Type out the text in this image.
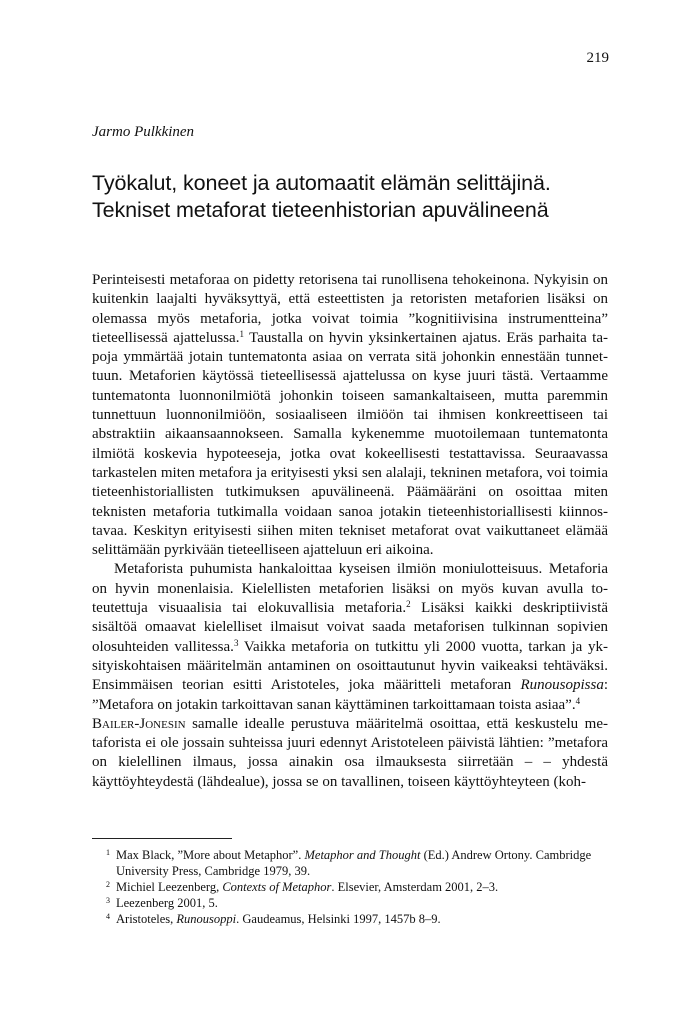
219
Jarmo Pulkkinen
Työkalut, koneet ja automaatit elämän selittäjinä.
Tekniset metaforat tieteenhistorian apuvälineenä

Perinteisesti metaforaa on pidetty retorisena tai runollisena tehokeinona. Nykyisin on kuitenkin laajalti hyväksyttyä, että esteettisten ja retoristen metaforien lisäksi on olemassa myös metaforia, jotka voivat toimia ”kognitiivisina instrumentteina” tieteellisessä ajattelussa.$^1$ Taustalla on hyvin yksinkertainen ajatus. Eräs parhaita tapoja ymmärtää jotain tuntematonta asiaa on verrata sitä johonkin ennestään tunnettuun. Metaforien käytössä tieteellisessä ajattelussa on kyse juuri tästä. Vertaamme tuntematonta luonnonilmiötä johonkin toiseen samankaltaiseen, mutta paremmin tunnettuun luonnonilmiöön, sosiaaliseen ilmiöön tai ihmisen konkreettiseen tai abstraktiin aikaansaannokseen. Samalla kykenemme muotoilemaan tuntematonta ilmiötä koskevia hypoteeseja, jotka ovat kokeellisesti testattavissa. Seuraavassa tarkastelen miten metafora ja erityisesti yksi sen alalaji, tekninen metafora, voi toimia tieteenhistoriallisten tutkimuksen apuvälineenä. Päämääräni on osoittaa miten teknisten metaforia tutkimalla voidaan sanoa jotakin tieteenhistoriallisesti kiinnostavaa. Keskityn erityisesti siihen miten tekniset metaforat ovat vaikuttaneet elämää selittämään pyrkivään tieteelliseen ajatteluun eri aikoina.

Metaforista puhumista hankaloittaa kyseisen ilmiön moniulotteisuus. Metaforia on hyvin monenlaisia. Kielellisten metaforien lisäksi on myös kuvan avulla toteutettuja visuaalisia tai elokuvallisia metaforia.$^2$ Lisäksi kaikki deskriptiivistä sisältöä omaavat kielelliset ilmaisut voivat saada metaforisen tulkinnan sopivien olosuhteiden vallitessa.$^3$ Vaikka metaforia on tutkittu yli 2000 vuotta, tarkan ja yksityiskohtaisen määritelmän antaminen on osoittautunut hyvin vaikeaksi tehtäväksi. Ensimmäisen teorian esitti Aristoteles, joka määritteli metaforan Runousopissa: ”Metafora on jotakin tarkoittavan sanan käyttäminen tarkoittamaan toista asiaa”.$^4$
Bailer-Jonesin samalle idealle perustuva määritelmä osoittaa, että keskustelu metaforista ei ole jossain suhteissa juuri edennyt Aristoteleen päivistä lähtien: ”metafora on kielellinen ilmaus, jossa ainakin osa ilmauksesta siirretään – – yhdestä käyttöyhteydestä (lähdealue), jossa se on tavallinen, toiseen käyttöyhteyteen (koh-

1 Max Black, ”More about Metaphor”. Metaphor and Thought (Ed.) Andrew Ortony. Cambridge University Press, Cambridge 1979, 39.
2 Michiel Leezenberg, Contexts of Metaphor. Elsevier, Amsterdam 2001, 2–3.
3 Leezenberg 2001, 5.
4 Aristoteles, Runousoppi. Gaudeamus, Helsinki 1997, 1457b 8–9.
